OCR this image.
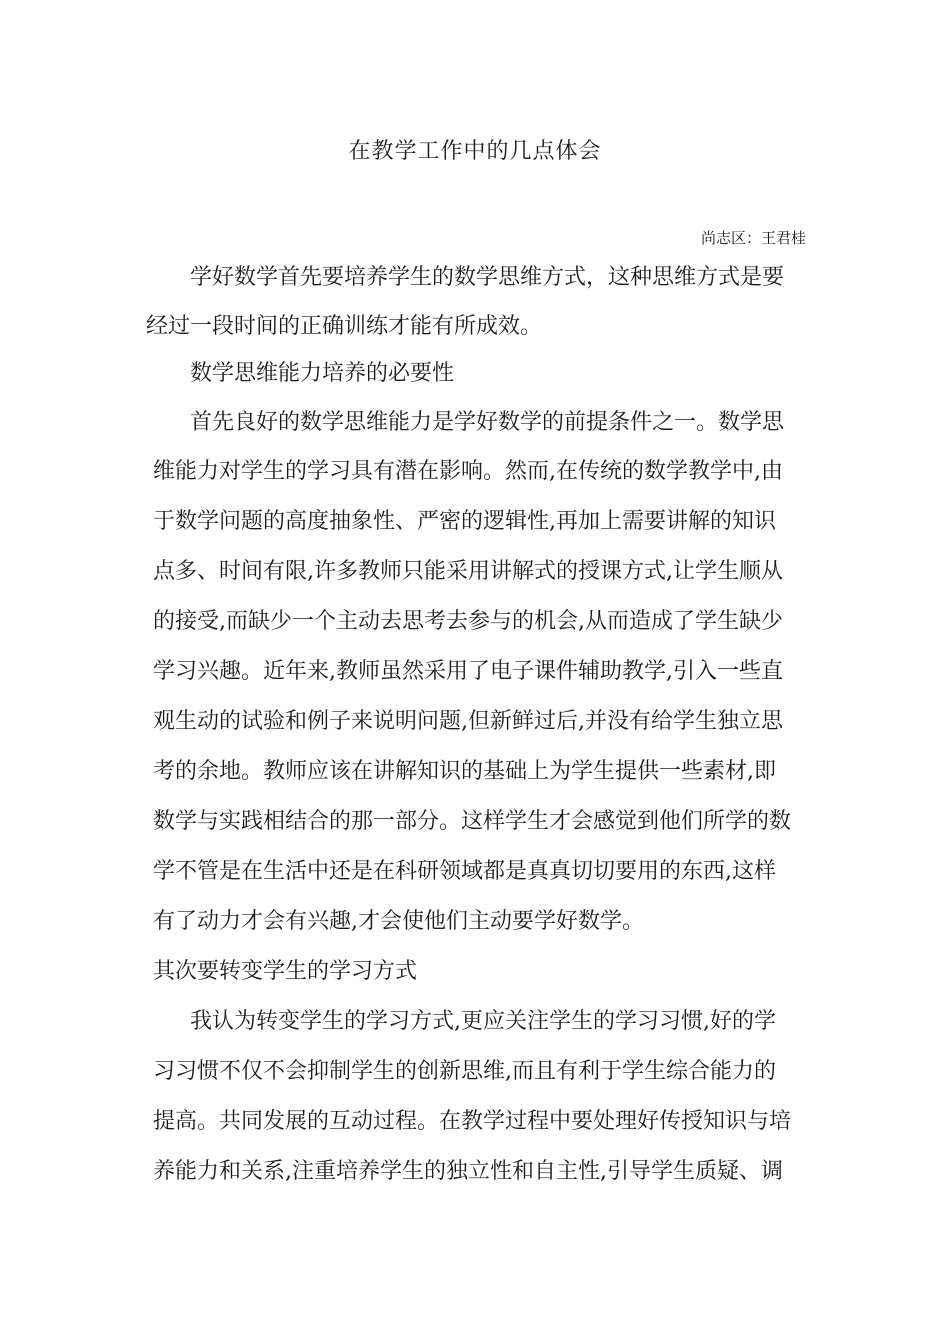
在教学工作中的几点体会
尚志区：王君桂
学好数学首先要培养学生的数学思维方式，这种思维方式是要
经过一段时间的正确训练才能有所成效。
数学思维能力培养的必要性
首先良好的数学思维能力是学好数学的前提条件之一。数学思
维能力对学生的学习具有潜在影响。然而,在传统的数学教学中,由
于数学问题的高度抽象性、严密的逻辑性,再加上需要讲解的知识
点多、时间有限,许多教师只能采用讲解式的授课方式,让学生顺从
的接受,而缺少一个主动去思考去参与的机会,从而造成了学生缺少
学习兴趣。近年来,教师虽然采用了电子课件辅助教学,引入一些直
观生动的试验和例子来说明问题,但新鲜过后,并没有给学生独立思
考的余地。教师应该在讲解知识的基础上为学生提供一些素材,即
数学与实践相结合的那一部分。这样学生才会感觉到他们所学的数
学不管是在生活中还是在科研领域都是真真切切要用的东西,这样
有了动力才会有兴趣,才会使他们主动要学好数学。
其次要转变学生的学习方式
我认为转变学生的学习方式,更应关注学生的学习习惯,好的学
习习惯不仅不会抑制学生的创新思维,而且有利于学生综合能力的
提高。共同发展的互动过程。在教学过程中要处理好传授知识与培
养能力和关系,注重培养学生的独立性和自主性,引导学生质疑、调
